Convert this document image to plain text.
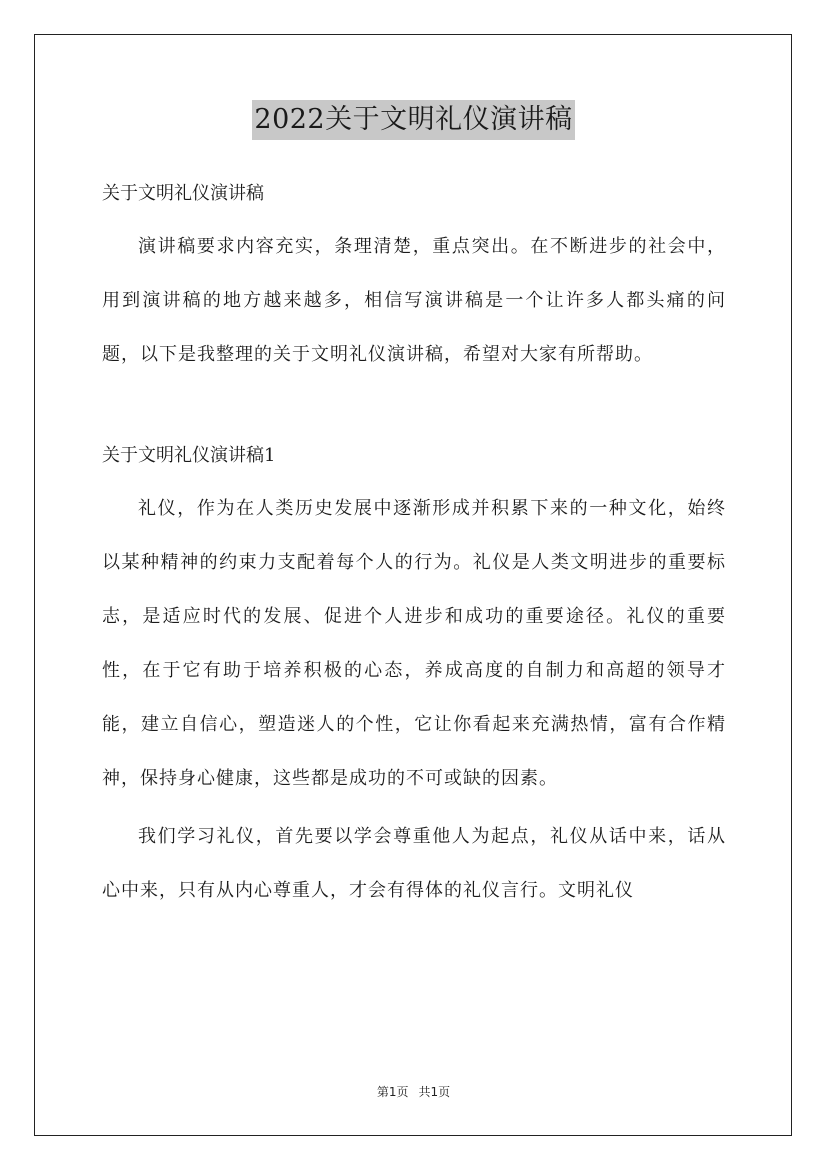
2022关于文明礼仪演讲稿

关于文明礼仪演讲稿

演讲稿要求内容充实，条理清楚，重点突出。在不断进步的社会中，用到演讲稿的地方越来越多，相信写演讲稿是一个让许多人都头痛的问题，以下是我整理的关于文明礼仪演讲稿，希望对大家有所帮助。

关于文明礼仪演讲稿1

礼仪，作为在人类历史发展中逐渐形成并积累下来的一种文化，始终以某种精神的约束力支配着每个人的行为。礼仪是人类文明进步的重要标志，是适应时代的发展、促进个人进步和成功的重要途径。礼仪的重要性，在于它有助于培养积极的心态，养成高度的自制力和高超的领导才能，建立自信心，塑造迷人的个性，它让你看起来充满热情，富有合作精神，保持身心健康，这些都是成功的不可或缺的因素。

我们学习礼仪，首先要以学会尊重他人为起点，礼仪从话中来，话从心中来，只有从内心尊重人，才会有得体的礼仪言行。文明礼仪

第1页 共1页
